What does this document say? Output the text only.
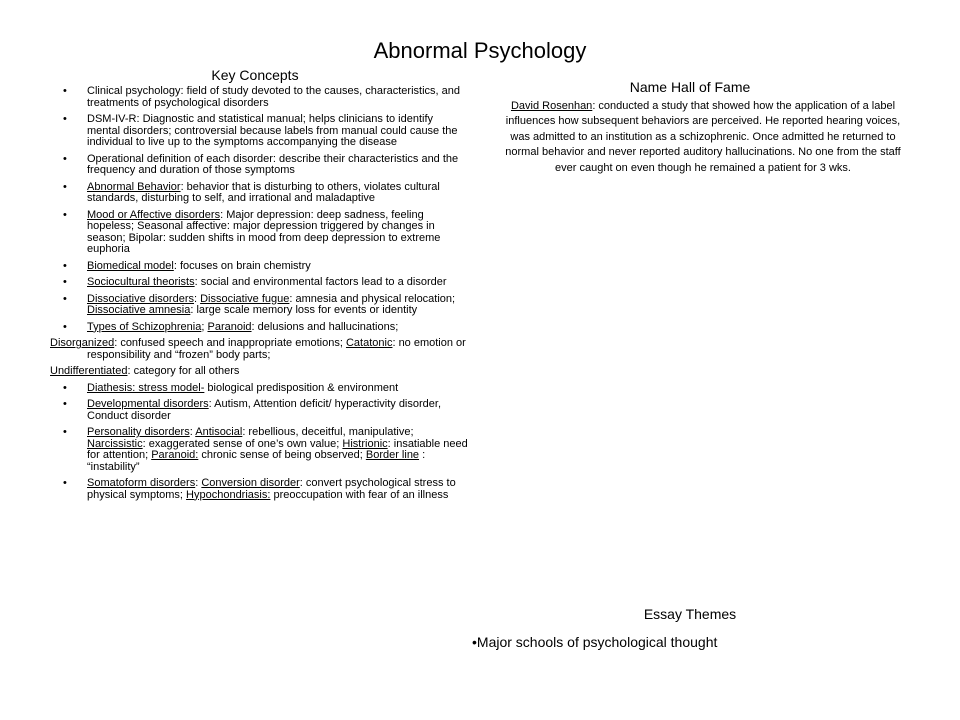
Abnormal Psychology
Key Concepts
• Clinical psychology: field of study devoted to the causes, characteristics, and treatments of psychological disorders
• DSM-IV-R: Diagnostic and statistical manual; helps clinicians to identify mental disorders; controversial because labels from manual could cause the individual to live up to the symptoms accompanying the disease
• Operational definition of each disorder: describe their characteristics and the frequency and duration of those symptoms
• Abnormal Behavior: behavior that is disturbing to others, violates cultural standards, disturbing to self, and irrational and maladaptive
• Mood or Affective disorders: Major depression: deep sadness, feeling hopeless; Seasonal affective: major depression triggered by changes in season; Bipolar: sudden shifts in mood from deep depression to extreme euphoria
• Biomedical model: focuses on brain chemistry
• Sociocultural theorists: social and environmental factors lead to a disorder
• Dissociative disorders: Dissociative fugue: amnesia and physical relocation; Dissociative amnesia: large scale memory loss for events or identity
• Types of Schizophrenia; Paranoid: delusions and hallucinations;
Disorganized: confused speech and inappropriate emotions; Catatonic: no emotion or responsibility and “frozen” body parts;
Undifferentiated: category for all others
• Diathesis: stress model- biological predisposition & environment
• Developmental disorders: Autism, Attention deficit/ hyperactivity disorder, Conduct disorder
• Personality disorders: Antisocial: rebellious, deceitful, manipulative; Narcissistic: exaggerated sense of one’s own value; Histrionic: insatiable need for attention; Paranoid: chronic sense of being observed; Border line : “instability”
• Somatoform disorders: Conversion disorder: convert psychological stress to physical symptoms; Hypochondriasis: preoccupation with fear of an illness
Name Hall of Fame
David Rosenhan: conducted a study that showed how the application of a label influences how subsequent behaviors are perceived. He reported hearing voices, was admitted to an institution as a schizophrenic. Once admitted he returned to normal behavior and never reported auditory hallucinations. No one from the staff ever caught on even though he remained a patient for 3 wks.
Essay Themes
•Major schools of psychological thought
